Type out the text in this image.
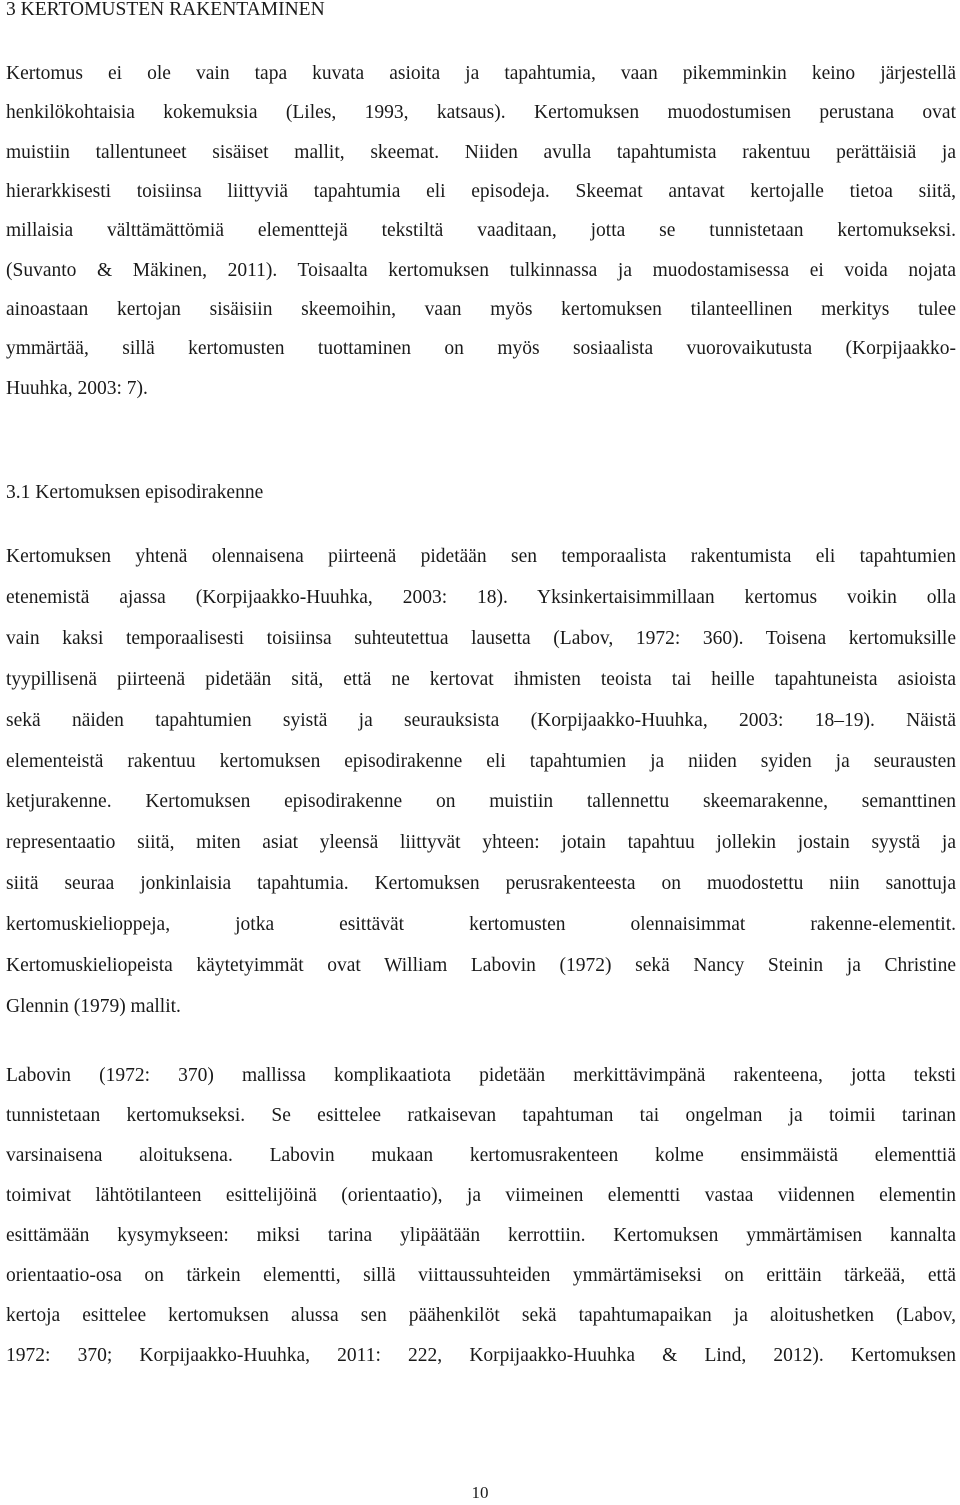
3 KERTOMUSTEN RAKENTAMINEN

Kertomus ei ole vain tapa kuvata asioita ja tapahtumia, vaan pikemminkin keino järjestellä

henkilökohtaisia kokemuksia (Liles, 1993, katsaus). Kertomuksen muodostumisen perustana ovat

muistiin tallentuneet sisäiset mallit, skeemat. Niiden avulla tapahtumista rakentuu perättäisiä ja

hierarkkisesti toisiinsa liittyviä tapahtumia eli episodeja. Skeemat antavat kertojalle tietoa siitä,

millaisia välttämättömiä elementtejä tekstiltä vaaditaan, jotta se tunnistetaan kertomukseksi.

(Suvanto & Mäkinen, 2011). Toisaalta kertomuksen tulkinnassa ja muodostamisessa ei voida nojata

ainoastaan kertojan sisäisiin skeemoihin, vaan myös kertomuksen tilanteellinen merkitys tulee

ymmärtää, sillä kertomusten tuottaminen on myös sosiaalista vuorovaikutusta (Korpijaakko-

Huuhka, 2003: 7).

3.1 Kertomuksen episodirakenne

Kertomuksen yhtenä olennaisena piirteenä pidetään sen temporaalista rakentumista eli tapahtumien

etenemistä ajassa (Korpijaakko-Huuhka, 2003: 18). Yksinkertaisimmillaan kertomus voikin olla

vain kaksi temporaalisesti toisiinsa suhteutettua lausetta (Labov, 1972: 360). Toisena kertomuksille

tyypillisenä piirteenä pidetään sitä, että ne kertovat ihmisten teoista tai heille tapahtuneista asioista

sekä näiden tapahtumien syistä ja seurauksista (Korpijaakko-Huuhka, 2003: 18–19). Näistä

elementeistä rakentuu kertomuksen episodirakenne eli tapahtumien ja niiden syiden ja seurausten

ketjurakenne. Kertomuksen episodirakenne on muistiin tallennettu skeemarakenne, semanttinen

representaatio siitä, miten asiat yleensä liittyvät yhteen: jotain tapahtuu jollekin jostain syystä ja

siitä seuraa jonkinlaisia tapahtumia. Kertomuksen perusrakenteesta on muodostettu niin sanottuja

kertomuskielioppeja, jotka esittävät kertomusten olennaisimmat rakenne-elementit.

Kertomuskieliopeista käytetyimmät ovat William Labovin (1972) sekä Nancy Steinin ja Christine

Glennin (1979) mallit.

Labovin (1972: 370) mallissa komplikaatiota pidetään merkittävimpänä rakenteena, jotta teksti

tunnistetaan kertomukseksi. Se esittelee ratkaisevan tapahtuman tai ongelman ja toimii tarinan

varsinaisena aloituksena. Labovin mukaan kertomusrakenteen kolme ensimmäistä elementtiä

toimivat lähtötilanteen esittelijöinä (orientaatio), ja viimeinen elementti vastaa viidennen elementin

esittämään kysymykseen: miksi tarina ylipäätään kerrottiin. Kertomuksen ymmärtämisen kannalta

orientaatio-osa on tärkein elementti, sillä viittaussuhteiden ymmärtämiseksi on erittäin tärkeää, että

kertoja esittelee kertomuksen alussa sen päähenkilöt sekä tapahtumapaikan ja aloitushetken (Labov,

1972: 370; Korpijaakko-Huuhka, 2011: 222, Korpijaakko-Huuhka & Lind, 2012). Kertomuksen

10
